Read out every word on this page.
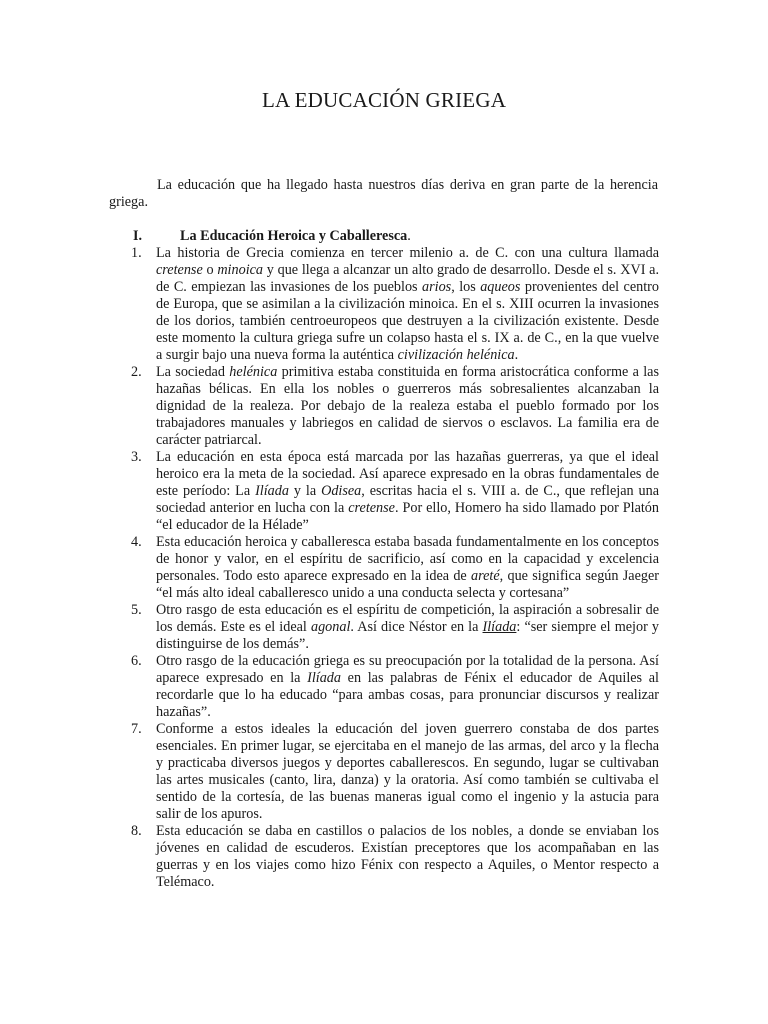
LA EDUCACIÓN GRIEGA
La educación que ha llegado hasta nuestros días deriva en gran parte de la herencia griega.
I.	La Educación Heroica y Caballeresca.
1. La historia de Grecia comienza en tercer milenio a. de C. con una cultura llamada cretense o minoica y que llega a alcanzar un alto grado de desarrollo. Desde el s. XVI a. de C. empiezan las invasiones de los pueblos arios, los aqueos provenientes del centro de Europa, que se asimilan a la civilización minoica. En el s. XIII ocurren la invasiones de los dorios, también centroeuropeos que destruyen a la civilización existente. Desde este momento la cultura griega sufre un colapso hasta el s. IX a. de C., en la que vuelve a surgir bajo una nueva forma la auténtica civilización helénica.
2. La sociedad helénica primitiva estaba constituida en forma aristocrática conforme a las hazañas bélicas. En ella los nobles o guerreros más sobresalientes alcanzaban la dignidad de la realeza. Por debajo de la realeza estaba el pueblo formado por los trabajadores manuales y labriegos en calidad de siervos o esclavos. La familia era de carácter patriarcal.
3. La educación en esta época está marcada por las hazañas guerreras, ya que el ideal heroico era la meta de la sociedad. Así aparece expresado en la obras fundamentales de este período: La Ilíada y la Odisea, escritas hacia el s. VIII a. de C., que reflejan una sociedad anterior en lucha con la cretense. Por ello, Homero ha sido llamado por Platón “el educador de la Hélade”
4. Esta educación heroica y caballeresca estaba basada fundamentalmente en los conceptos de honor y valor, en el espíritu de sacrificio, así como en la capacidad y excelencia personales. Todo esto aparece expresado en la idea de areté, que significa según Jaeger “el más alto ideal caballeresco unido a una conducta selecta y cortesana”
5. Otro rasgo de esta educación es el espíritu de competición, la aspiración a sobresalir de los demás. Este es el ideal agonal. Así dice Néstor en la Ilíada: “ser siempre el mejor y distinguirse de los demás”.
6. Otro rasgo de la educación griega es su preocupación por la totalidad de la persona. Así aparece expresado en la Ilíada en las palabras de Fénix el educador de Aquiles al recordarle que lo ha educado “para ambas cosas, para pronunciar discursos y realizar hazañas”.
7. Conforme a estos ideales la educación del joven guerrero constaba de dos partes esenciales. En primer lugar, se ejercitaba en el manejo de las armas, del arco y la flecha y practicaba diversos juegos y deportes caballerescos. En segundo, lugar se cultivaban las artes musicales (canto, lira, danza) y la oratoria. Así como también se cultivaba el sentido de la cortesía, de las buenas maneras igual como el ingenio y la astucia para salir de los apuros.
8. Esta educación se daba en castillos o palacios de los nobles, a donde se enviaban los jóvenes en calidad de escuderos. Existían preceptores que los acompañaban en las guerras y en los viajes como hizo Fénix con respecto a Aquiles, o Mentor respecto a Telémaco.
